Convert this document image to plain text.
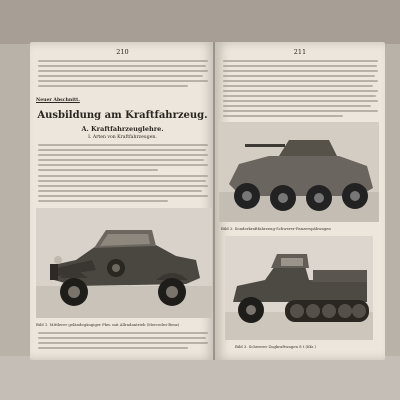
210
Neuer Abschnitt.
Ausbildung am Kraftfahrzeug.
A. Kraftfahrzeuglehre.
I. Arten von Kraftfahrzeugen.
Bild 1. Mittlerer geländegängiger Pkw. mit Allradantrieb (Mercedes-Benz)
211
Bild 2. Sonderkraftfahrzeug-Schwerer-Panzerspähwagen
Bild 3. Schwerer Zugkraftwagen 8 t (Kfz.)
